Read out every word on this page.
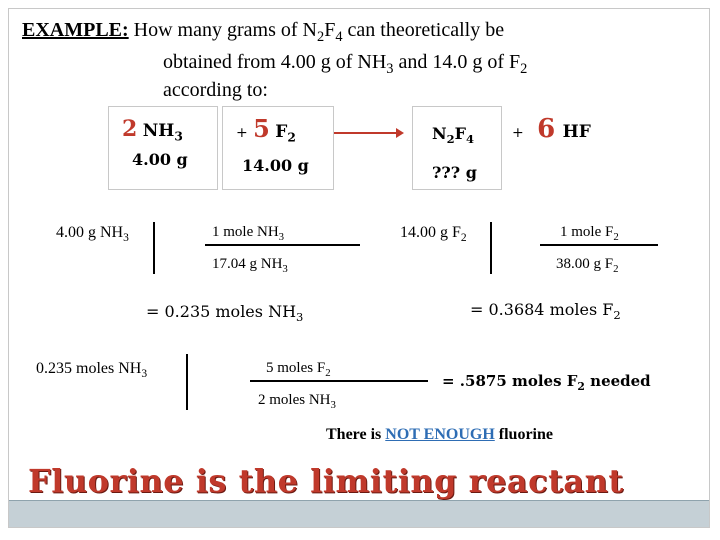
EXAMPLE: How many grams of $N_2F_4$ can theoretically be
obtained from 4.00 g of $NH_3$ and 14.0 g of $F_2$
according to:
2 $NH_3$
4.00 g
+ 5 $F_2$
14.00 g
$N_2F_4$
??? g
+ 6 HF
4.00 g $NH_3$	1 mole $NH_3$
17.04 g $NH_3$
= 0.235 moles $NH_3$
14.00 g $F_2$	1 mole $F_2$
38.00 g $F_2$
= 0.3684 moles $F_2$
0.235 moles $NH_3$	5 moles $F_2$
2 moles $NH_3$
= .5875 moles $F_2$ needed
There is NOT ENOUGH fluorine
Fluorine is the limiting reactant
